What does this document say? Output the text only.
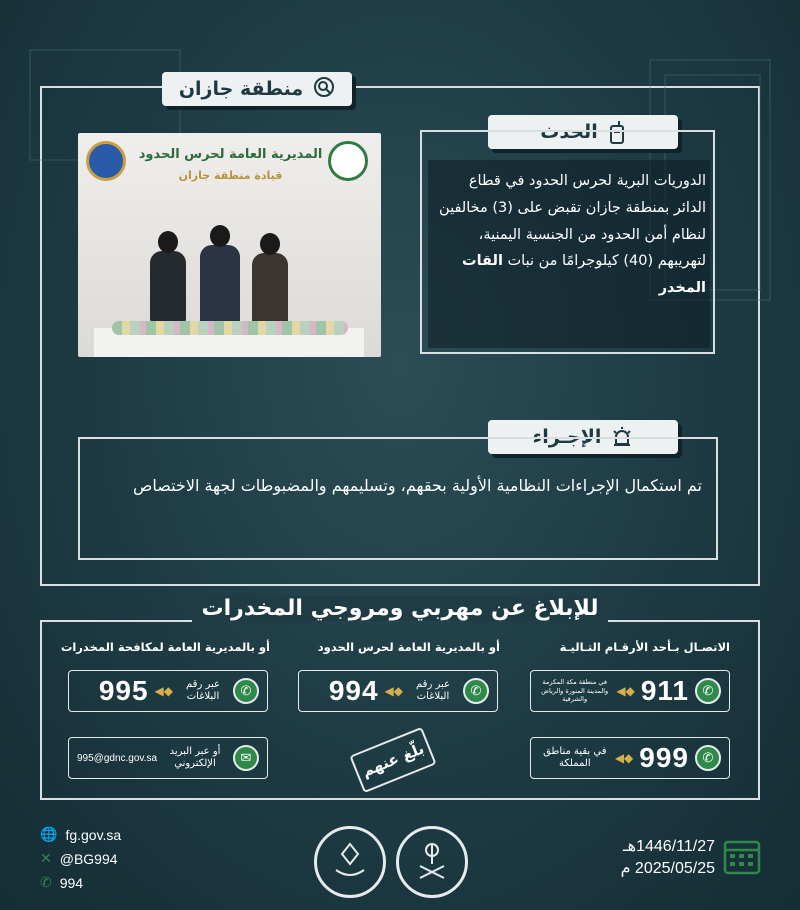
منطقة جازان
المديرية العامة لحرس الحدود
قيادة منطقة جازان
الحدث
الدوريات البرية لحرس الحدود في قطاع الدائر بمنطقة جازان تقبض على (3) مخالفين لنظام أمن الحدود من الجنسية اليمنية، لتهريبهم (40) كيلوجرامًا من نبات القات المخدر
الإجـراء
تم استكمال الإجراءات النظامية الأولية بحقهم، وتسليمهم والمضبوطات لجهة الاختصاص
للإبلاغ عن مهربي ومروجي المخدرات
الاتصـال بـأحد الأرقـام التـاليـة
أو بالمديرية العامة لحرس الحدود
أو بالمديرية العامة لمكافحة المخدرات
✆
911
◆◀
في منطقة مكة المكرمة والمدينة المنورة والرياض والشرقية
✆
999
◆◀
في بقية مناطق المملكة
✆
عبر رقم البلاغات
◆◀
994
✆
عبر رقم البلاغات
◆◀
995
✉
أو عبر البريد الإلكتروني
995@gdnc.gov.sa	بلّغ عنهم
🌐 fg.gov.sa
✕ @BG994
✆ 994
1446/11/27هـ
2025/05/25 م
